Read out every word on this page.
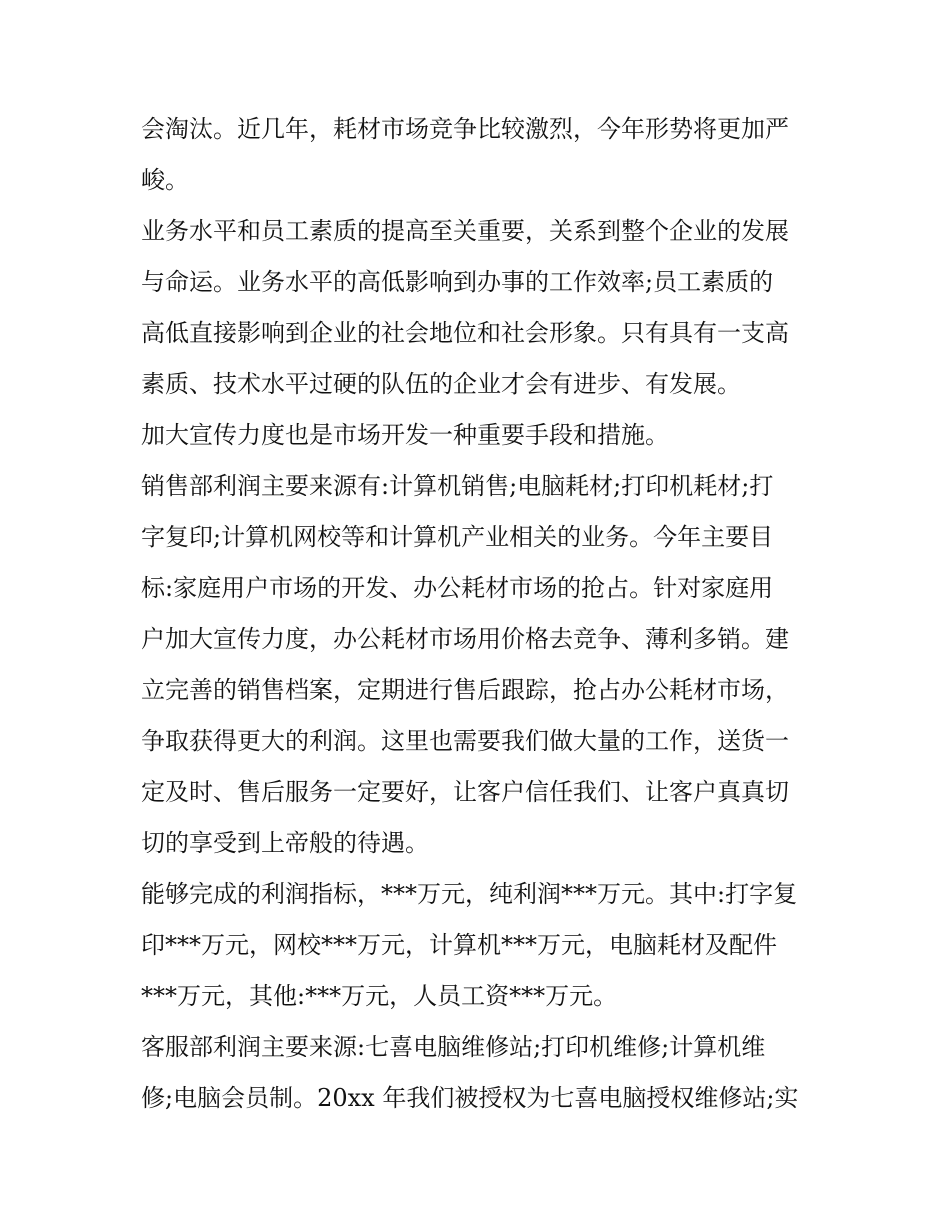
会淘汰。近几年，耗材市场竞争比较激烈，今年形势将更加严
峻。
业务水平和员工素质的提高至关重要，关系到整个企业的发展
与命运。业务水平的高低影响到办事的工作效率;员工素质的
高低直接影响到企业的社会地位和社会形象。只有具有一支高
素质、技术水平过硬的队伍的企业才会有进步、有发展。
加大宣传力度也是市场开发一种重要手段和措施。
销售部利润主要来源有:计算机销售;电脑耗材;打印机耗材;打
字复印;计算机网校等和计算机产业相关的业务。今年主要目
标:家庭用户市场的开发、办公耗材市场的抢占。针对家庭用
户加大宣传力度，办公耗材市场用价格去竞争、薄利多销。建
立完善的销售档案，定期进行售后跟踪，抢占办公耗材市场，
争取获得更大的利润。这里也需要我们做大量的工作，送货一
定及时、售后服务一定要好，让客户信任我们、让客户真真切
切的享受到上帝般的待遇。
能够完成的利润指标，***万元，纯利润***万元。其中:打字复
印***万元，网校***万元，计算机***万元，电脑耗材及配件
***万元，其他:***万元，人员工资***万元。
客服部利润主要来源:七喜电脑维修站;打印机维修;计算机维
修;电脑会员制。20xx 年我们被授权为七喜电脑授权维修站;实
